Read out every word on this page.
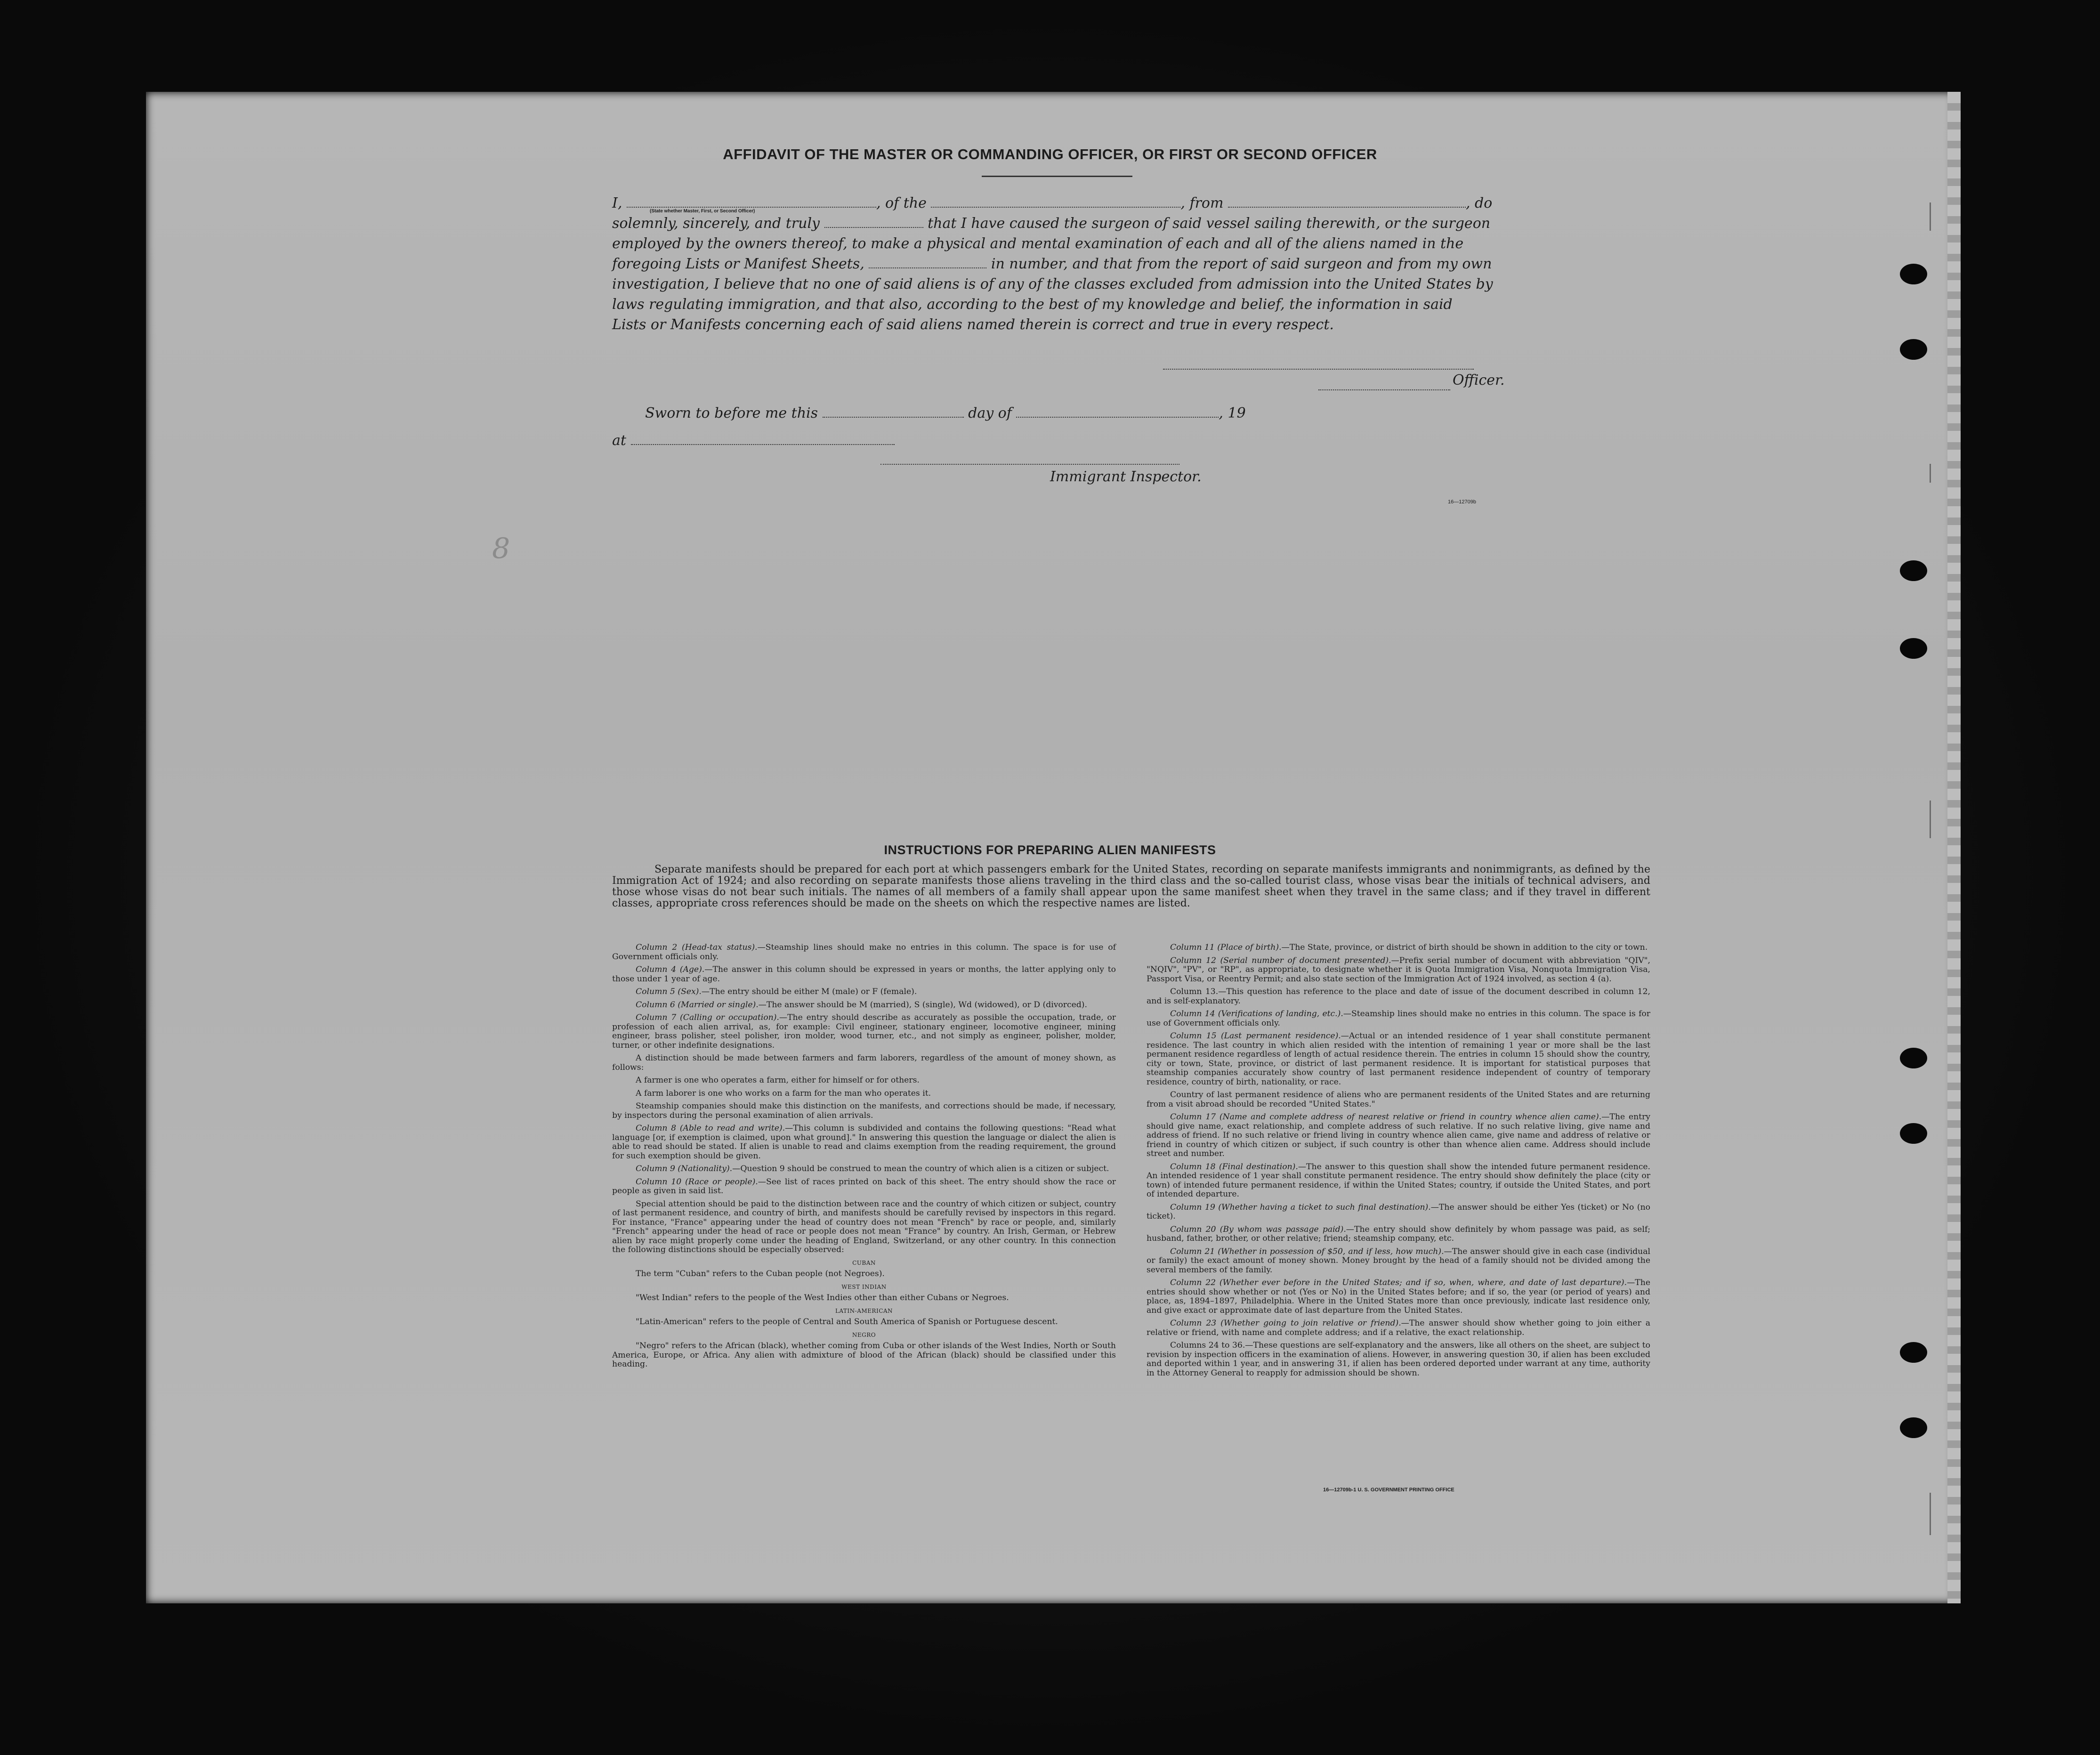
AFFIDAVIT OF THE MASTER OR COMMANDING OFFICER, OR FIRST OR SECOND OFFICER
I,	, of the	, from	, do
solemnly, sincerely, and truly	that I have caused the surgeon of said vessel sailing therewith, or the surgeon
employed by the owners thereof, to make a physical and mental examination of each and all of the aliens named in the
foregoing Lists or Manifest Sheets,	in number, and that from the report of said surgeon and from my own
investigation, I believe that no one of said aliens is of any of the classes excluded from admission into the United States by
laws regulating immigration, and that also, according to the best of my knowledge and belief, the information in said
Lists or Manifests concerning each of said aliens named therein is correct and true in every respect.
(State whether Master, First, or Second Officer)
Officer.
Sworn to before me this	day of	, 19
at
Immigrant Inspector.
16—12709b
8
INSTRUCTIONS FOR PREPARING ALIEN MANIFESTS
Separate manifests should be prepared for each port at which passengers embark for the United States, recording on separate manifests immigrants and nonimmigrants, as defined by the Immigration Act of 1924; and also recording on separate manifests those aliens traveling in the third class and the so-called tourist class, whose visas bear the initials of technical advisers, and those whose visas do not bear such initials. The names of all members of a family shall appear upon the same manifest sheet when they travel in the same class; and if they travel in different classes, appropriate cross references should be made on the sheets on which the respective names are listed.

Column 2 (Head-tax status).—Steamship lines should make no entries in this column. The space is for use of Government officials only.

Column 4 (Age).—The answer in this column should be expressed in years or months, the latter applying only to those under 1 year of age.

Column 5 (Sex).—The entry should be either M (male) or F (female).

Column 6 (Married or single).—The answer should be M (married), S (single), Wd (widowed), or D (divorced).

Column 7 (Calling or occupation).—The entry should describe as accurately as possible the occupation, trade, or profession of each alien arrival, as, for example: Civil engineer, stationary engineer, locomotive engineer, mining engineer, brass polisher, steel polisher, iron molder, wood turner, etc., and not simply as engineer, polisher, molder, turner, or other indefinite designations.

A distinction should be made between farmers and farm laborers, regardless of the amount of money shown, as follows:

A farmer is one who operates a farm, either for himself or for others.

A farm laborer is one who works on a farm for the man who operates it.

Steamship companies should make this distinction on the manifests, and corrections should be made, if necessary, by inspectors during the personal examination of alien arrivals.

Column 8 (Able to read and write).—This column is subdivided and contains the following questions: "Read what language [or, if exemption is claimed, upon what ground]." In answering this question the language or dialect the alien is able to read should be stated. If alien is unable to read and claims exemption from the reading requirement, the ground for such exemption should be given.

Column 9 (Nationality).—Question 9 should be construed to mean the country of which alien is a citizen or subject.

Column 10 (Race or people).—See list of races printed on back of this sheet. The entry should show the race or people as given in said list.

Special attention should be paid to the distinction between race and the country of which citizen or subject, country of last permanent residence, and country of birth, and manifests should be carefully revised by inspectors in this regard. For instance, "France" appearing under the head of country does not mean "French" by race or people, and, similarly "French" appearing under the head of race or people does not mean "France" by country. An Irish, German, or Hebrew alien by race might properly come under the heading of England, Switzerland, or any other country. In this connection the following distinctions should be especially observed:

CUBAN

The term "Cuban" refers to the Cuban people (not Negroes).

WEST INDIAN

"West Indian" refers to the people of the West Indies other than either Cubans or Negroes.

LATIN-AMERICAN

"Latin-American" refers to the people of Central and South America of Spanish or Portuguese descent.

NEGRO

"Negro" refers to the African (black), whether coming from Cuba or other islands of the West Indies, North or South America, Europe, or Africa. Any alien with admixture of blood of the African (black) should be classified under this heading.

Column 11 (Place of birth).—The State, province, or district of birth should be shown in addition to the city or town.

Column 12 (Serial number of document presented).—Prefix serial number of document with abbreviation "QIV", "NQIV", "PV", or "RP", as appropriate, to designate whether it is Quota Immigration Visa, Nonquota Immigration Visa, Passport Visa, or Reentry Permit; and also state section of the Immigration Act of 1924 involved, as section 4 (a).

Column 13.—This question has reference to the place and date of issue of the document described in column 12, and is self-explanatory.

Column 14 (Verifications of landing, etc.).—Steamship lines should make no entries in this column. The space is for use of Government officials only.

Column 15 (Last permanent residence).—Actual or an intended residence of 1 year shall constitute permanent residence. The last country in which alien resided with the intention of remaining 1 year or more shall be the last permanent residence regardless of length of actual residence therein. The entries in column 15 should show the country, city or town, State, province, or district of last permanent residence. It is important for statistical purposes that steamship companies accurately show country of last permanent residence independent of country of temporary residence, country of birth, nationality, or race.

Country of last permanent residence of aliens who are permanent residents of the United States and are returning from a visit abroad should be recorded "United States."

Column 17 (Name and complete address of nearest relative or friend in country whence alien came).—The entry should give name, exact relationship, and complete address of such relative. If no such relative living, give name and address of friend. If no such relative or friend living in country whence alien came, give name and address of relative or friend in country of which citizen or subject, if such country is other than whence alien came. Address should include street and number.

Column 18 (Final destination).—The answer to this question shall show the intended future permanent residence. An intended residence of 1 year shall constitute permanent residence. The entry should show definitely the place (city or town) of intended future permanent residence, if within the United States; country, if outside the United States, and port of intended departure.

Column 19 (Whether having a ticket to such final destination).—The answer should be either Yes (ticket) or No (no ticket).

Column 20 (By whom was passage paid).—The entry should show definitely by whom passage was paid, as self; husband, father, brother, or other relative; friend; steamship company, etc.

Column 21 (Whether in possession of $50, and if less, how much).—The answer should give in each case (individual or family) the exact amount of money shown. Money brought by the head of a family should not be divided among the several members of the family.

Column 22 (Whether ever before in the United States; and if so, when, where, and date of last departure).—The entries should show whether or not (Yes or No) in the United States before; and if so, the year (or period of years) and place, as, 1894–1897, Philadelphia. Where in the United States more than once previously, indicate last residence only, and give exact or approximate date of last departure from the United States.

Column 23 (Whether going to join relative or friend).—The answer should show whether going to join either a relative or friend, with name and complete address; and if a relative, the exact relationship.

Columns 24 to 36.—These questions are self-explanatory and the answers, like all others on the sheet, are subject to revision by inspection officers in the examination of aliens. However, in answering question 30, if alien has been excluded and deported within 1 year, and in answering 31, if alien has been ordered deported under warrant at any time, authority in the Attorney General to reapply for admission should be shown.

16—12709b-1 U. S. GOVERNMENT PRINTING OFFICE
